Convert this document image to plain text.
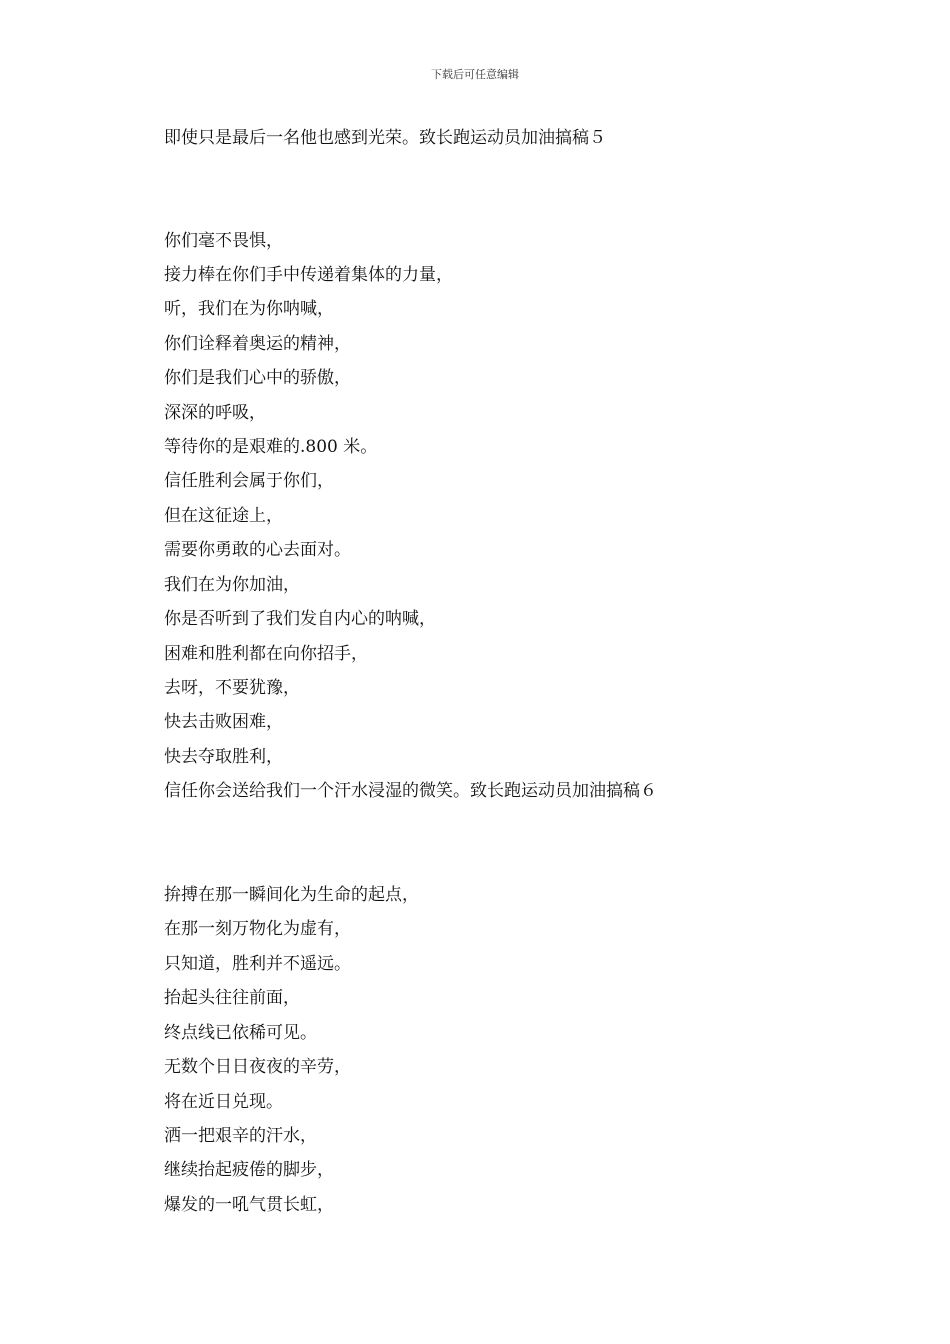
下载后可任意编辑
即使只是最后一名他也感到光荣。致长跑运动员加油搞稿５
你们毫不畏惧，
接力棒在你们手中传递着集体的力量，
听，我们在为你呐喊，
你们诠释着奥运的精神，
你们是我们心中的骄傲，
深深的呼吸，
等待你的是艰难的.800 米。
信任胜利会属于你们，
但在这征途上，
需要你勇敢的心去面对。
我们在为你加油，
你是否听到了我们发自内心的呐喊，
困难和胜利都在向你招手，
去呀，不要犹豫，
快去击败困难，
快去夺取胜利，
信任你会送给我们一个汗水浸湿的微笑。致长跑运动员加油搞稿６
拚搏在那一瞬间化为生命的起点，
在那一刻万物化为虚有，
只知道，胜利并不遥远。
抬起头往往前面，
终点线已依稀可见。
无数个日日夜夜的辛劳，
将在近日兑现。
洒一把艰辛的汗水，
继续抬起疲倦的脚步，
爆发的一吼气贯长虹，
